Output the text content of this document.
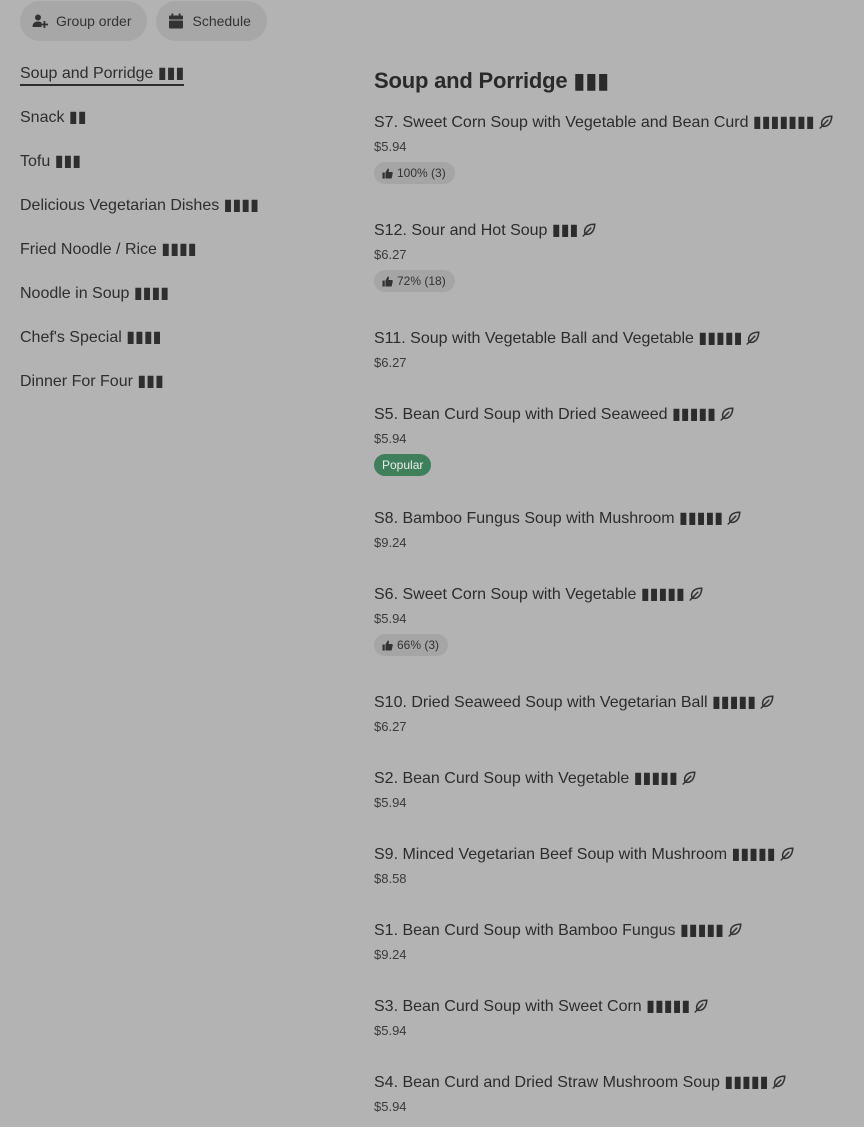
Group order	Schedule
Soup and Porridge ▮▮▮
Snack ▮▮
Tofu ▮▮▮
Delicious Vegetarian Dishes ▮▮▮▮
Fried Noodle / Rice ▮▮▮▮
Noodle in Soup ▮▮▮▮
Chef's Special ▮▮▮▮
Dinner For Four ▮▮▮
Soup and Porridge ▮▮▮
S7. Sweet Corn Soup with Vegetable and Bean Curd ▮▮▮▮▮▮▮
$5.94
100% (3)
S12. Sour and Hot Soup ▮▮▮
$6.27
72% (18)
S11. Soup with Vegetable Ball and Vegetable ▮▮▮▮▮
$6.27
S5. Bean Curd Soup with Dried Seaweed ▮▮▮▮▮
$5.94
Popular
S8. Bamboo Fungus Soup with Mushroom ▮▮▮▮▮
$9.24
S6. Sweet Corn Soup with Vegetable ▮▮▮▮▮
$5.94
66% (3)
S10. Dried Seaweed Soup with Vegetarian Ball ▮▮▮▮▮
$6.27
S2. Bean Curd Soup with Vegetable ▮▮▮▮▮
$5.94
S9. Minced Vegetarian Beef Soup with Mushroom ▮▮▮▮▮
$8.58
S1. Bean Curd Soup with Bamboo Fungus ▮▮▮▮▮
$9.24
S3. Bean Curd Soup with Sweet Corn ▮▮▮▮▮
$5.94
S4. Bean Curd and Dried Straw Mushroom Soup ▮▮▮▮▮
$5.94
